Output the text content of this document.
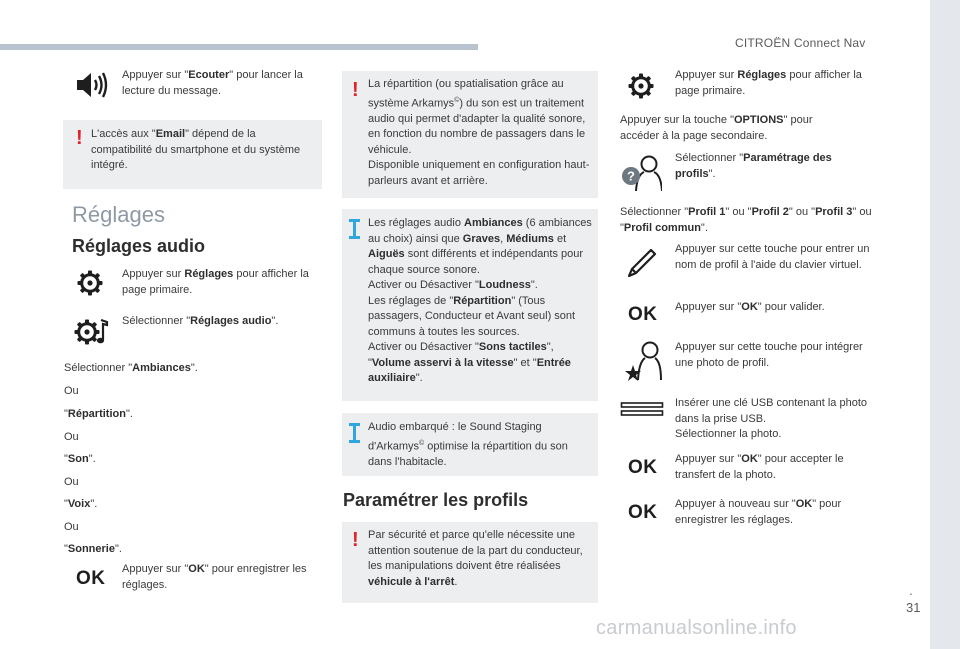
CITROËN Connect Nav
Appuyer sur "Ecouter" pour lancer la lecture du message.
! L'accès aux "Email" dépend de la compatibilité du smartphone et du système intégré.
Réglages
Réglages audio
Appuyer sur Réglages pour afficher la page primaire.
Sélectionner "Réglages audio".
Sélectionner "Ambiances".
Ou
"Répartition".
Ou
"Son".
Ou
"Voix".
Ou
"Sonnerie".
OK Appuyer sur "OK" pour enregistrer les réglages.
! La répartition (ou spatialisation grâce au système Arkamys©) du son est un traitement audio qui permet d'adapter la qualité sonore, en fonction du nombre de passagers dans le véhicule.
Disponible uniquement en configuration haut-parleurs avant et arrière.
Les réglages audio Ambiances (6 ambiances au choix) ainsi que Graves, Médiums et Aiguës sont différents et indépendants pour chaque source sonore.
Activer ou Désactiver "Loudness".
Les réglages de "Répartition" (Tous passagers, Conducteur et Avant seul) sont communs à toutes les sources.
Activer ou Désactiver "Sons tactiles", "Volume asservi à la vitesse" et "Entrée auxiliaire".
Audio embarqué : le Sound Staging d'Arkamys© optimise la répartition du son dans l'habitacle.
Paramétrer les profils
! Par sécurité et parce qu'elle nécessite une attention soutenue de la part du conducteur, les manipulations doivent être réalisées véhicule à l'arrêt.
Appuyer sur Réglages pour afficher la page primaire.
Appuyer sur la touche "OPTIONS" pour accéder à la page secondaire.
?
Sélectionner "Paramétrage des profils".
Sélectionner "Profil 1" ou "Profil 2" ou "Profil 3" ou "Profil commun".
Appuyer sur cette touche pour entrer un nom de profil à l'aide du clavier virtuel.
OK Appuyer sur "OK" pour valider.
Appuyer sur cette touche pour intégrer une photo de profil.
Insérer une clé USB contenant la photo dans la prise USB.
Sélectionner la photo.
OK Appuyer sur "OK" pour accepter le transfert de la photo.
OK Appuyer à nouveau sur "OK" pour enregistrer les réglages.
.
31
carmanualsonline.info
